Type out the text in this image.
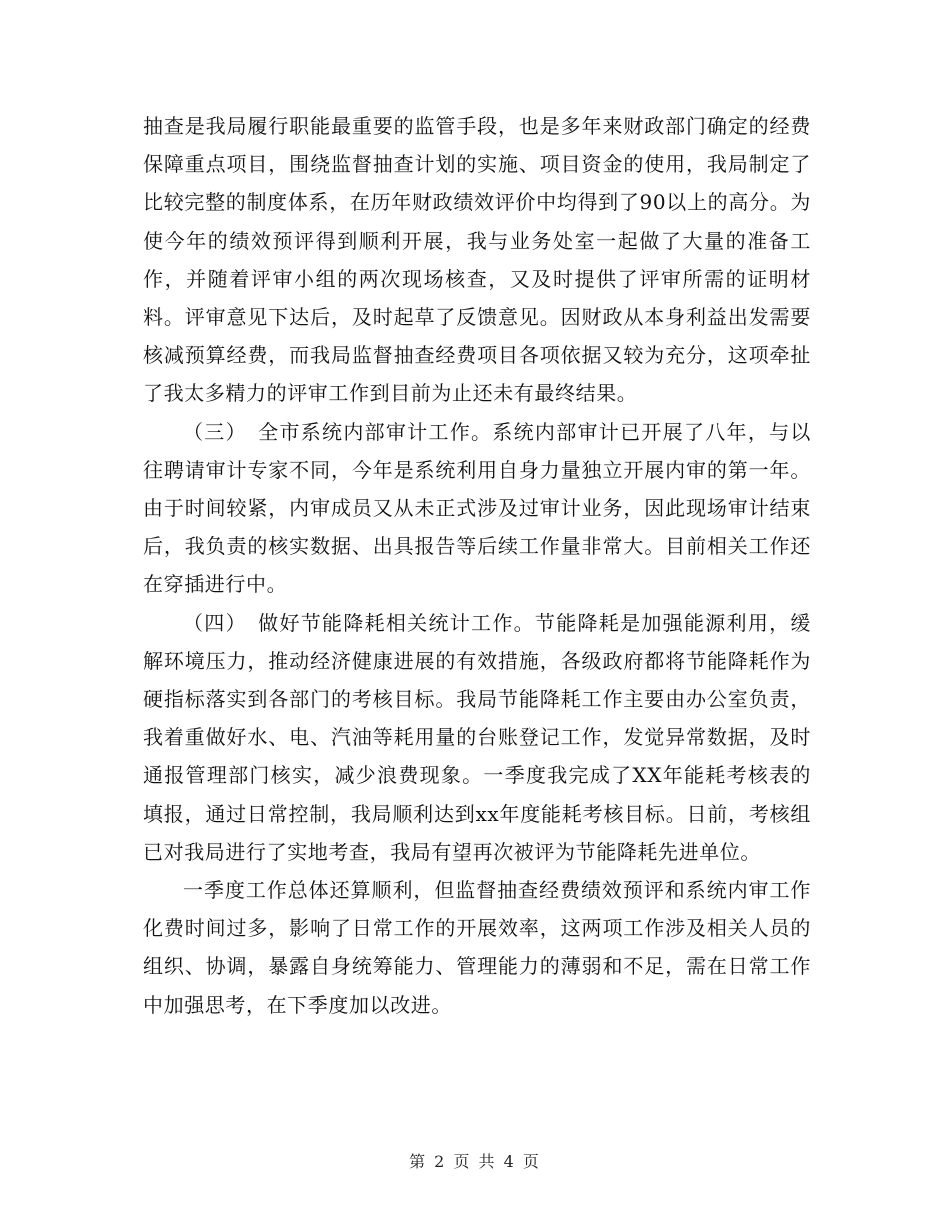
抽查是我局履行职能最重要的监管手段，也是多年来财政部门确定的经费保障重点项目，围绕监督抽查计划的实施、项目资金的使用，我局制定了比较完整的制度体系，在历年财政绩效评价中均得到了90以上的高分。为使今年的绩效预评得到顺利开展，我与业务处室一起做了大量的准备工作，并随着评审小组的两次现场核查，又及时提供了评审所需的证明材料。评审意见下达后，及时起草了反馈意见。因财政从本身利益出发需要核减预算经费，而我局监督抽查经费项目各项依据又较为充分，这项牵扯了我太多精力的评审工作到目前为止还未有最终结果。

（三）　全市系统内部审计工作。系统内部审计已开展了八年，与以往聘请审计专家不同，今年是系统利用自身力量独立开展内审的第一年。由于时间较紧，内审成员又从未正式涉及过审计业务，因此现场审计结束后，我负责的核实数据、出具报告等后续工作量非常大。目前相关工作还在穿插进行中。

（四）　做好节能降耗相关统计工作。节能降耗是加强能源利用，缓解环境压力，推动经济健康进展的有效措施，各级政府都将节能降耗作为硬指标落实到各部门的考核目标。我局节能降耗工作主要由办公室负责，我着重做好水、电、汽油等耗用量的台账登记工作，发觉异常数据，及时通报管理部门核实，减少浪费现象。一季度我完成了XX年能耗考核表的填报，通过日常控制，我局顺利达到xx年度能耗考核目标。日前，考核组已对我局进行了实地考查，我局有望再次被评为节能降耗先进单位。

一季度工作总体还算顺利，但监督抽查经费绩效预评和系统内审工作化费时间过多，影响了日常工作的开展效率，这两项工作涉及相关人员的组织、协调，暴露自身统筹能力、管理能力的薄弱和不足，需在日常工作中加强思考，在下季度加以改进。

第 2 页 共 4 页
